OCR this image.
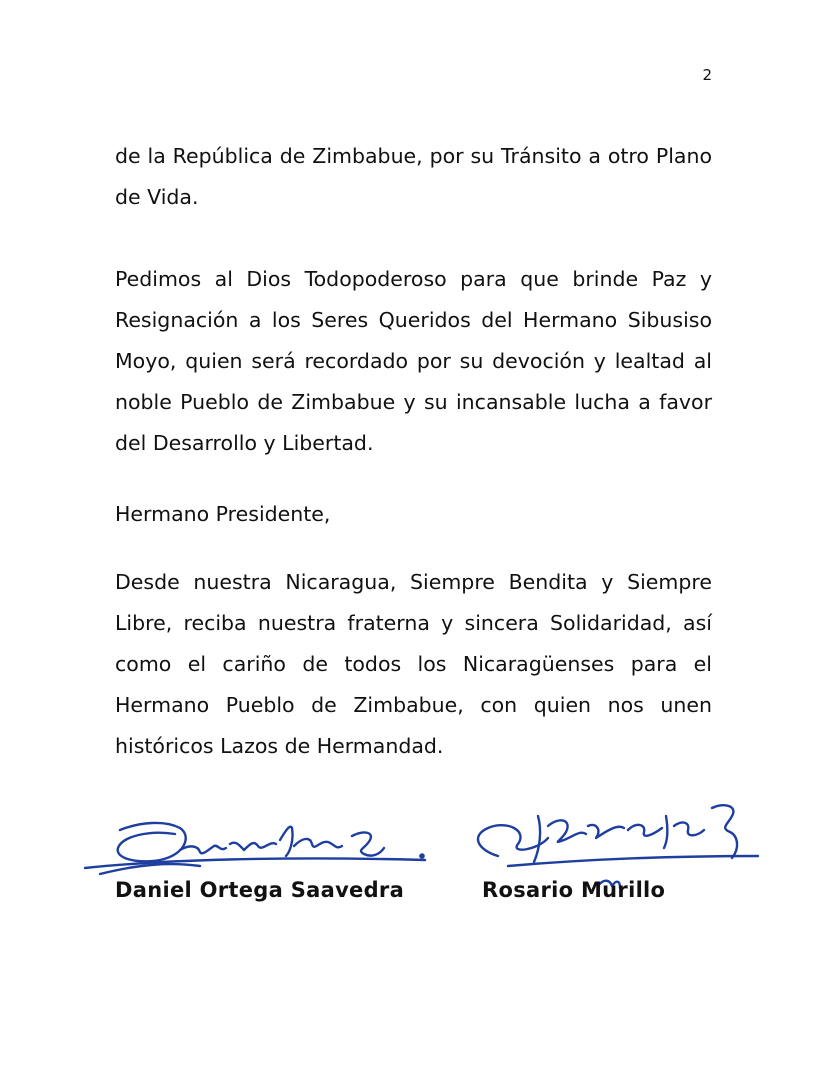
2

de la República de Zimbabue, por su Tránsito a otro Plano de Vida.

Pedimos al Dios Todopoderoso para que brinde Paz y Resignación a los Seres Queridos del Hermano Sibusiso Moyo, quien será recordado por su devoción y lealtad al noble Pueblo de Zimbabue y su incansable lucha a favor del Desarrollo y Libertad.

Hermano Presidente,

Desde nuestra Nicaragua, Siempre Bendita y Siempre Libre, reciba nuestra fraterna y sincera Solidaridad, así como el cariño de todos los Nicaragüenses para el Hermano Pueblo de Zimbabue, con quien nos unen históricos Lazos de Hermandad.

Daniel Ortega Saavedra	Rosario Murillo
